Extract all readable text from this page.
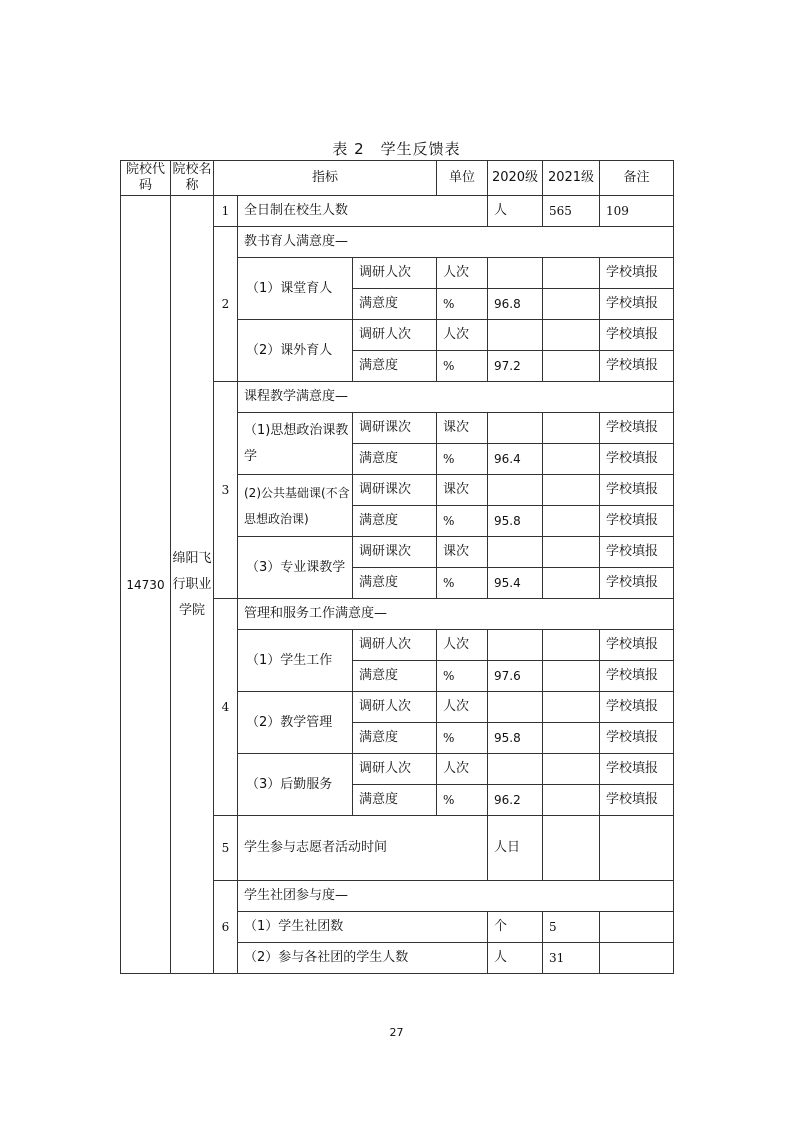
表 2　学生反馈表
院校代码	院校名称	指标			单位	2020级	2021级	备注	
14730	绵阳飞行职业学院	1	全日制在校生人数			人	565	109	
		2	教书育人满意度—						
			（1）课堂育人	调研人次	人次			学校填报	
				满意度	%	96.8		学校填报	
			（2）课外育人	调研人次	人次			学校填报	
				满意度	%	97.2		学校填报	
		3	课程教学满意度—						
			（1)思想政治课教学	调研课次	课次			学校填报	
				满意度	%	96.4		学校填报	
			(2)公共基础课(不含思想政治课)	调研课次	课次			学校填报	
				满意度	%	95.8		学校填报	
			（3）专业课教学	调研课次	课次			学校填报	
				满意度	%	95.4		学校填报	
		4	管理和服务工作满意度—						
			（1）学生工作	调研人次	人次			学校填报	
				满意度	%	97.6		学校填报	
			（2）教学管理	调研人次	人次			学校填报	
				满意度	%	95.8		学校填报	
			（3）后勤服务	调研人次	人次			学校填报	
				满意度	%	96.2		学校填报	
		5	学生参与志愿者活动时间			人日			
		6	学生社团参与度—						
			（1）学生社团数			个	5		
			（2）参与各社团的学生人数			人	31		
27
